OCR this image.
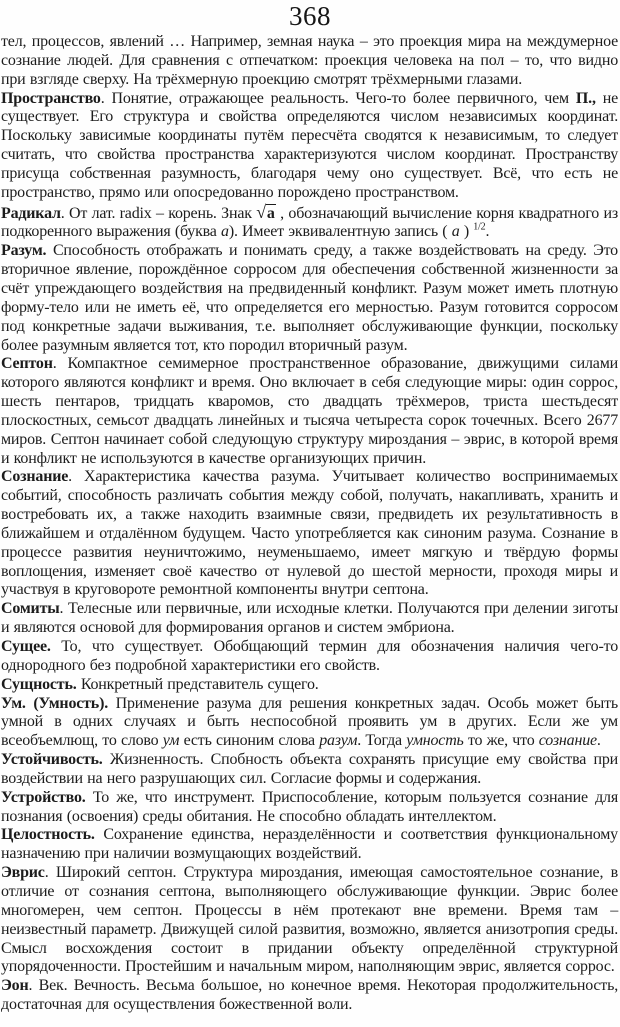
368

тел, процессов, явлений … Например, земная наука – это проекция мира на междумерное сознание людей. Для сравнения с отпечатком: проекция человека на пол – то, что видно при взгляде сверху. На трёхмерную проекцию смотрят трёхмерными глазами.

Пространство. Понятие, отражающее реальность. Чего-то более первичного, чем П., не существует. Его структура и свойства определяются числом независимых координат. Поскольку зависимые координаты путём пересчёта сводятся к независимым, то следует считать, что свойства пространства характеризуются числом координат. Пространству присуща собственная разумность, благодаря чему оно существует. Всё, что есть не пространство, прямо или опосредованно порождено пространством.

Радикал. От лат. radix – корень. Знак √а , обозначающий вычисление корня квадратного из подкоренного выражения (буква а). Имеет эквивалентную запись ( а ) $^{1/2}$.

Разум. Способность отображать и понимать среду, а также воздействовать на среду. Это вторичное явление, порождённое сорросом для обеспечения собственной жизненности за счёт упреждающего воздействия на предвиденный конфликт. Разум может иметь плотную форму-тело или не иметь её, что определяется его мерностью. Разум готовится сорросом под конкретные задачи выживания, т.е. выполняет обслуживающие функции, поскольку более разумным является тот, кто породил вторичный разум.

Септон. Компактное семимерное пространственное образование, движущими силами которого являются конфликт и время. Оно включает в себя следующие миры: один соррос, шесть пентаров, тридцать кваромов, сто двадцать трёхмеров, триста шестьдесят плоскостных, семьсот двадцать линейных и тысяча четыреста сорок точечных. Всего 2677 миров. Септон начинает собой следующую структуру мироздания – эврис, в которой время и конфликт не используются в качестве организующих причин.

Сознание. Характеристика качества разума. Учитывает количество воспринимаемых событий, способность различать события между собой, получать, накапливать, хранить и востребовать их, а также находить взаимные связи, предвидеть их результативность в ближайшем и отдалённом будущем. Часто употребляется как синоним разума. Сознание в процессе развития неуничтожимо, неуменьшаемо, имеет мягкую и твёрдую формы воплощения, изменяет своё качество от нулевой до шестой мерности, проходя миры и участвуя в круговороте ремонтной компоненты внутри септона.

Сомиты. Телесные или первичные, или исходные клетки. Получаются при делении зиготы и являются основой для формирования органов и систем эмбриона.

Сущее. То, что существует. Обобщающий термин для обозначения наличия чего-то однородного без подробной характеристики его свойств.

Сущность. Конкретный представитель сущего.

Ум. (Умность). Применение разума для решения конкретных задач. Особь может быть умной в одних случаях и быть неспособной проявить ум в других. Если же ум всеобъемлющ, то слово ум есть синоним слова разум. Тогда умность то же, что сознание.

Устойчивость. Жизненность. Спобность объекта сохранять присущие ему свойства при воздействии на него разрушающих сил. Согласие формы и содержания.

Устройство. То же, что инструмент. Приспособление, которым пользуется сознание для познания (освоения) среды обитания. Не способно обладать интеллектом.

Целостность. Сохранение единства, неразделённости и соответствия функциональному назначению при наличии возмущающих воздействий.

Эврис. Широкий септон. Структура мироздания, имеющая самостоятельное сознание, в отличие от сознания септона, выполняющего обслуживающие функции. Эврис более многомерен, чем септон. Процессы в нём протекают вне времени. Время там – неизвестный параметр. Движущей силой развития, возможно, является анизотропия среды. Смысл восхождения состоит в придании объекту определённой структурной упорядоченности. Простейшим и начальным миром, наполняющим эврис, является соррос.

Эон. Век. Вечность. Весьма большое, но конечное время. Некоторая продолжительность, достаточная для осуществления божественной воли.
